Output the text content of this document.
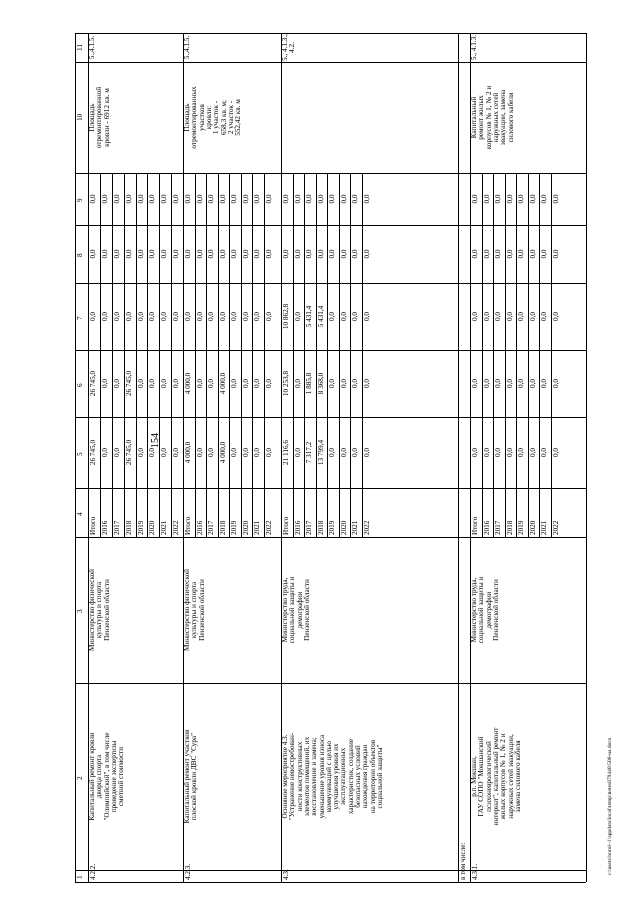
154
c:\users\borol~1\appdata\local\temp\notes879440\500-ua.docx
1
2
3
4
5
6
7
8
9
10
11
в том числе:
4.2.2.
Капитальный ремонт кровли дворца спорта "Олимпийский", в том числе проведение экспертизы сметной стоимости
Министерство физической культуры и спорта Пензенской области
Итого
26 745,0
26 745,0
0,0
0,0
0,0
2016
0,0
0,0
0,0
0,0
0,0
2017
0,0
0,0
0,0
0,0
0,0
2018
26 745,0
26 745,0
0,0
0,0
0,0
2019
0,0
0,0
0,0
0,0
0,0
2020
0,0
0,0
0,0
0,0
0,0
2021
0,0
0,0
0,0
0,0
0,0
2022
0,0
0,0
0,0
0,0
0,0
Площадь отремонтированной кровли - 6912 кв. м
5.,4.1.5.
4.2.3.
Капитальный ремонт участков плоской кровли ДВС "Сура"
Министерство физической культуры и спорта Пензенской области
Итого
4 000,0
4 000,0
0,0
0,0
0,0
2016
0,0
0,0
0,0
0,0
0,0
2017
0,0
0,0
0,0
0,0
0,0
2018
4 000,0
4 000,0
0,0
0,0
0,0
2019
0,0
0,0
0,0
0,0
0,0
2020
0,0
0,0
0,0
0,0
0,0
2021
0,0
0,0
0,0
0,0
0,0
2022
0,0
0,0
0,0
0,0
0,0
Площадь отремонтированных участков кровли: 1 участок - 658,3 кв. м; 2 участок - 552,42 кв. м
5.,4.1.5.
4.3.
Основное мероприятие 4.3. "Устранение невостребован- ности конструктивных элементов помещений, их восстановление и замена; уменьшение уровня износа коммуникаций с целью улучшения уровня их эксплуатационных характеристик, создание безопасных условий нахождения граждан на территории объектов социальной защиты"
Министерство труда, социальной защиты и демографии Пензенской области
Итого
21 116,6
10 253,8
10 862,8
0,0
0,0
2016
0,0
0,0
0,0
0,0
0,0
2017
7 317,2
1 885,8
5 431,4
0,0
0,0
2018
13 799,4
8 368,0
5 431,4
0,0
0,0
2019
0,0
0,0
0,0
0,0
0,0
2020
0,0
0,0
0,0
0,0
0,0
2021
0,0
0,0
0,0
0,0
0,0
2022
0,0
0,0
0,0
0,0
0,0
5., 4.1.3., 4.2.
4.3.1.
р.п. Мокшан, ГАУ СОПО "Мокшанский психоневрологический интернат", капитальный ремонт жилых корпусов № 1, № 2 и наружных сетей эвакуации, замена силового кабеля
Министерство труда, социальной защиты и демографии Пензенской области
Итого
0,0
0,0
0,0
0,0
0,0
2016
0,0
0,0
0,0
0,0
0,0
2017
0,0
0,0
0,0
0,0
0,0
2018
0,0
0,0
0,0
0,0
0,0
2019
0,0
0,0
0,0
0,0
0,0
2020
0,0
0,0
0,0
0,0
0,0
2021
0,0
0,0
0,0
0,0
0,0
2022
0,0
0,0
0,0
0,0
0,0
Капитальный ремонт жилых корпусов № 1, № 2 и наружных сетей эвакуации, замена силового кабеля
5., 4.1.3.
